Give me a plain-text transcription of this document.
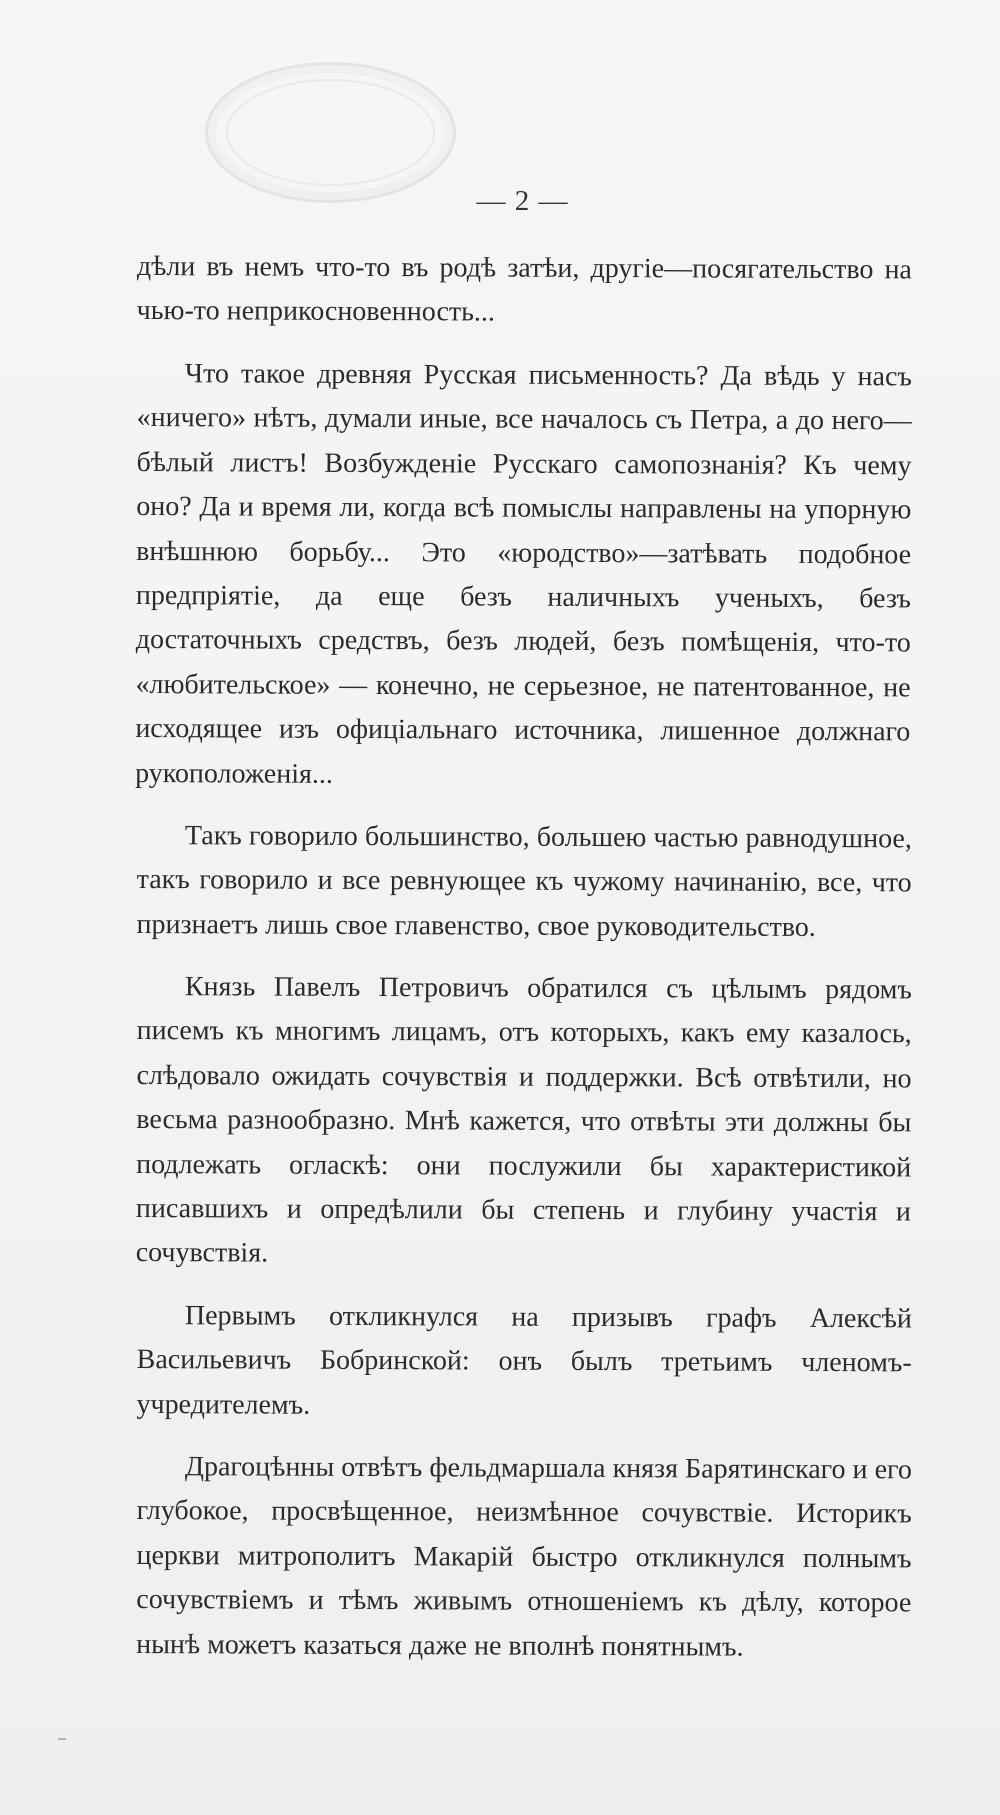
— 2 —

дѣли въ немъ что-то въ родѣ затѣи, другіе—посягательство на чью-то неприкосновенность...

Что такое древняя Русская письменность? Да вѣдь у насъ «ничего» нѣтъ, думали иные, все началось съ Петра, а до него—бѣлый листъ! Возбужденіе Русскаго самопознанія? Къ чему оно? Да и время ли, когда всѣ помыслы направлены на упорную внѣшнюю борьбу... Это «юродство»—затѣвать подобное предпріятіе, да еще безъ наличныхъ ученыхъ, безъ достаточныхъ средствъ, безъ людей, безъ помѣщенія, что-то «любительское» — конечно, не серьезное, не патентованное, не исходящее изъ офиціальнаго источника, лишенное должнаго рукоположенія...

Такъ говорило большинство, большею частью равнодушное, такъ говорило и все ревнующее къ чужому начинанію, все, что признаетъ лишь свое главенство, свое руководительство.

Князь Павелъ Петровичъ обратился съ цѣлымъ рядомъ писемъ къ многимъ лицамъ, отъ которыхъ, какъ ему казалось, слѣдовало ожидать сочувствія и поддержки. Всѣ отвѣтили, но весьма разнообразно. Мнѣ кажется, что отвѣты эти должны бы подлежать огласкѣ: они послужили бы характеристикой писавшихъ и опредѣлили бы степень и глубину участія и сочувствія.

Первымъ откликнулся на призывъ графъ Алексѣй Васильевичъ Бобринской: онъ былъ третьимъ членомъ-учредителемъ.

Драгоцѣнны отвѣтъ фельдмаршала князя Барятинскаго и его глубокое, просвѣщенное, неизмѣнное сочувствіе. Историкъ церкви митрополитъ Макарій быстро откликнулся полнымъ сочувствіемъ и тѣмъ живымъ отношеніемъ къ дѣлу, которое нынѣ можетъ казаться даже не вполнѣ понятнымъ.
